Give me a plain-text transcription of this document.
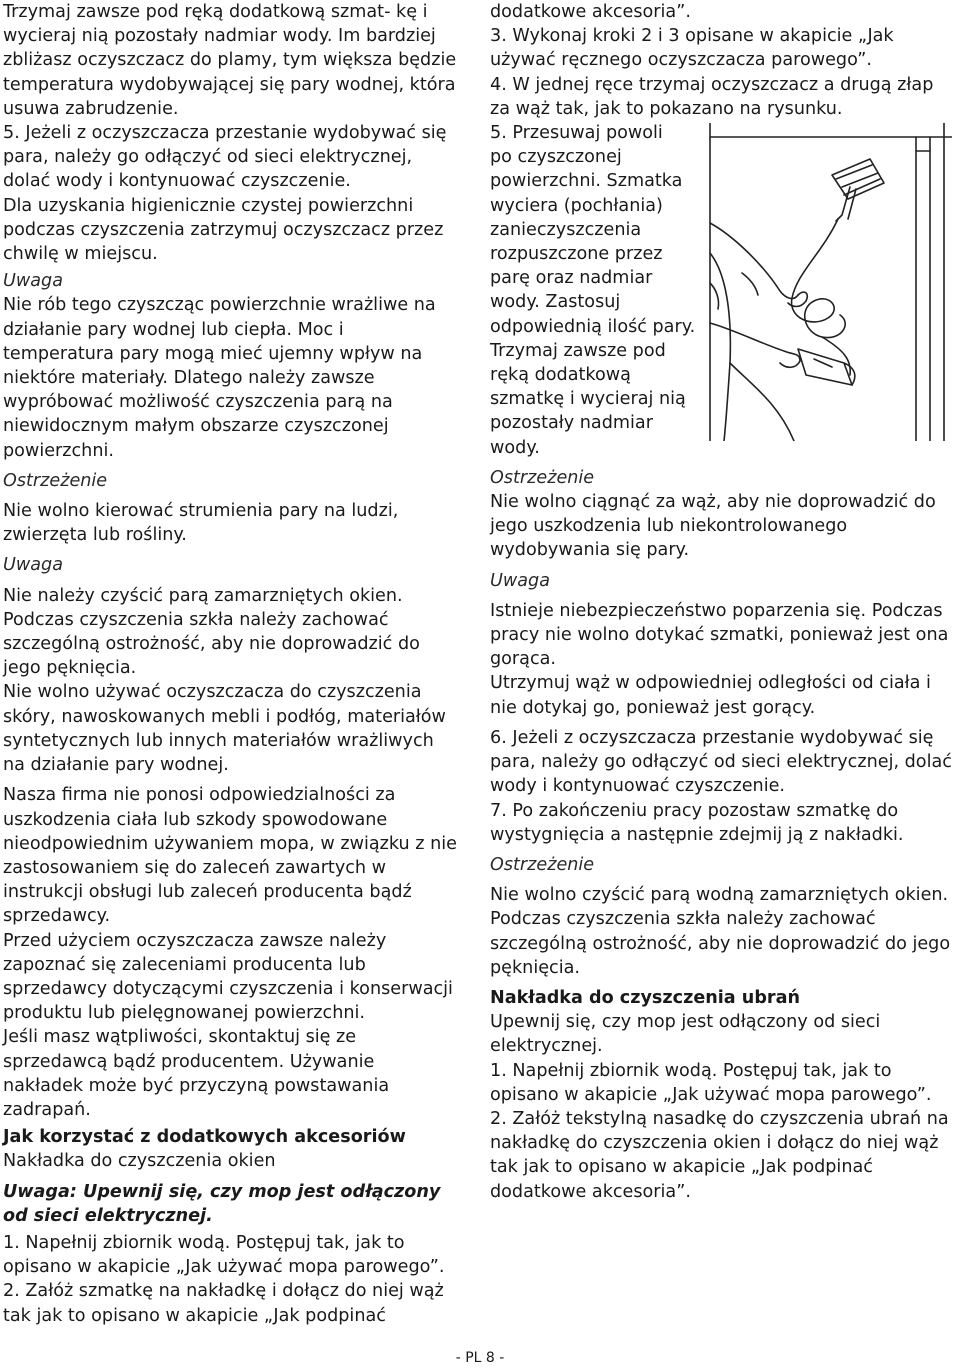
Trzymaj zawsze pod ręką dodatkową szmat- kę i wycieraj nią pozostały nadmiar wody. Im bardziej zbliżasz oczyszczacz do plamy, tym większa będzie temperatura wydobywającej się pary wodnej, która usuwa zabrudzenie.

5. Jeżeli z oczyszczacza przestanie wydobywać się para, należy go odłączyć od sieci elektrycznej, dolać wody i kontynuować czyszczenie.

Dla uzyskania higienicznie czystej powierzchni podczas czyszczenia zatrzymuj oczyszczacz przez chwilę w miejscu.

Uwaga

Nie rób tego czyszcząc powierzchnie wrażliwe na działanie pary wodnej lub ciepła. Moc i temperatura pary mogą mieć ujemny wpływ na niektóre materiały. Dlatego należy zawsze wypróbować możliwość czyszczenia parą na niewidocznym małym obszarze czyszczonej powierzchni.

Ostrzeżenie

Nie wolno kierować strumienia pary na ludzi, zwierzęta lub rośliny.

Uwaga

Nie należy czyścić parą zamarzniętych okien. Podczas czyszczenia szkła należy zachować szczególną ostrożność, aby nie doprowadzić do jego pęknięcia.

Nie wolno używać oczyszczacza do czyszczenia skóry, nawoskowanych mebli i podłóg, materiałów syntetycznych lub innych materiałów wrażliwych na działanie pary wodnej.

Nasza firma nie ponosi odpowiedzialności za uszkodzenia ciała lub szkody spowodowane nieodpowiednim używaniem mopa, w związku z nie zastosowaniem się do zaleceń zawartych w instrukcji obsługi lub zaleceń producenta bądź sprzedawcy.

Przed użyciem oczyszczacza zawsze należy zapoznać się zaleceniami producenta lub sprzedawcy dotyczącymi czyszczenia i konserwacji produktu lub pielęgnowanej powierzchni.

Jeśli masz wątpliwości, skontaktuj się ze sprzedawcą bądź producentem. Używanie nakładek może być przyczyną powstawania zadrapań.

Jak korzystać z dodatkowych akcesoriów

Nakładka do czyszczenia okien

Uwaga: Upewnij się, czy mop jest odłączony od sieci elektrycznej.

1. Napełnij zbiornik wodą. Postępuj tak, jak to opisano w akapicie „Jak używać mopa parowego”.

2. Załóż szmatkę na nakładkę i dołącz do niej wąż tak jak to opisano w akapicie „Jak podpinać

dodatkowe akcesoria”.

3. Wykonaj kroki 2 i 3 opisane w akapicie „Jak używać ręcznego oczyszczacza parowego”.

4. W jednej ręce trzymaj oczyszczacz a drugą złap za wąż tak, jak to pokazano na rysunku.

5. Przesuwaj powoli
po czyszczonej
powierzchni. Szmatka
wyciera (pochłania)
zanieczyszczenia
rozpuszczone przez
parę oraz nadmiar
wody. Zastosuj
odpowiednią ilość pary.
Trzymaj zawsze pod
ręką dodatkową
szmatkę i wycieraj nią
pozostały nadmiar
wody.

Ostrzeżenie

Nie wolno ciągnąć za wąż, aby nie doprowadzić do jego uszkodzenia lub niekontrolowanego wydobywania się pary.

Uwaga

Istnieje niebezpieczeństwo poparzenia się. Podczas pracy nie wolno dotykać szmatki, ponieważ jest ona gorąca.

Utrzymuj wąż w odpowiedniej odległości od ciała i nie dotykaj go, ponieważ jest gorący.

6. Jeżeli z oczyszczacza przestanie wydobywać się para, należy go odłączyć od sieci elektrycznej, dolać wody i kontynuować czyszczenie.

7. Po zakończeniu pracy pozostaw szmatkę do wystygnięcia a następnie zdejmij ją z nakładki.

Ostrzeżenie

Nie wolno czyścić parą wodną zamarzniętych okien.

Podczas czyszczenia szkła należy zachować szczególną ostrożność, aby nie doprowadzić do jego pęknięcia.

Nakładka do czyszczenia ubrań

Upewnij się, czy mop jest odłączony od sieci elektrycznej.

1. Napełnij zbiornik wodą. Postępuj tak, jak to opisano w akapicie „Jak używać mopa parowego”.

2. Załóż tekstylną nasadkę do czyszczenia ubrań na nakładkę do czyszczenia okien i dołącz do niej wąż tak jak to opisano w akapicie „Jak podpinać dodatkowe akcesoria”.

- PL 8 -
